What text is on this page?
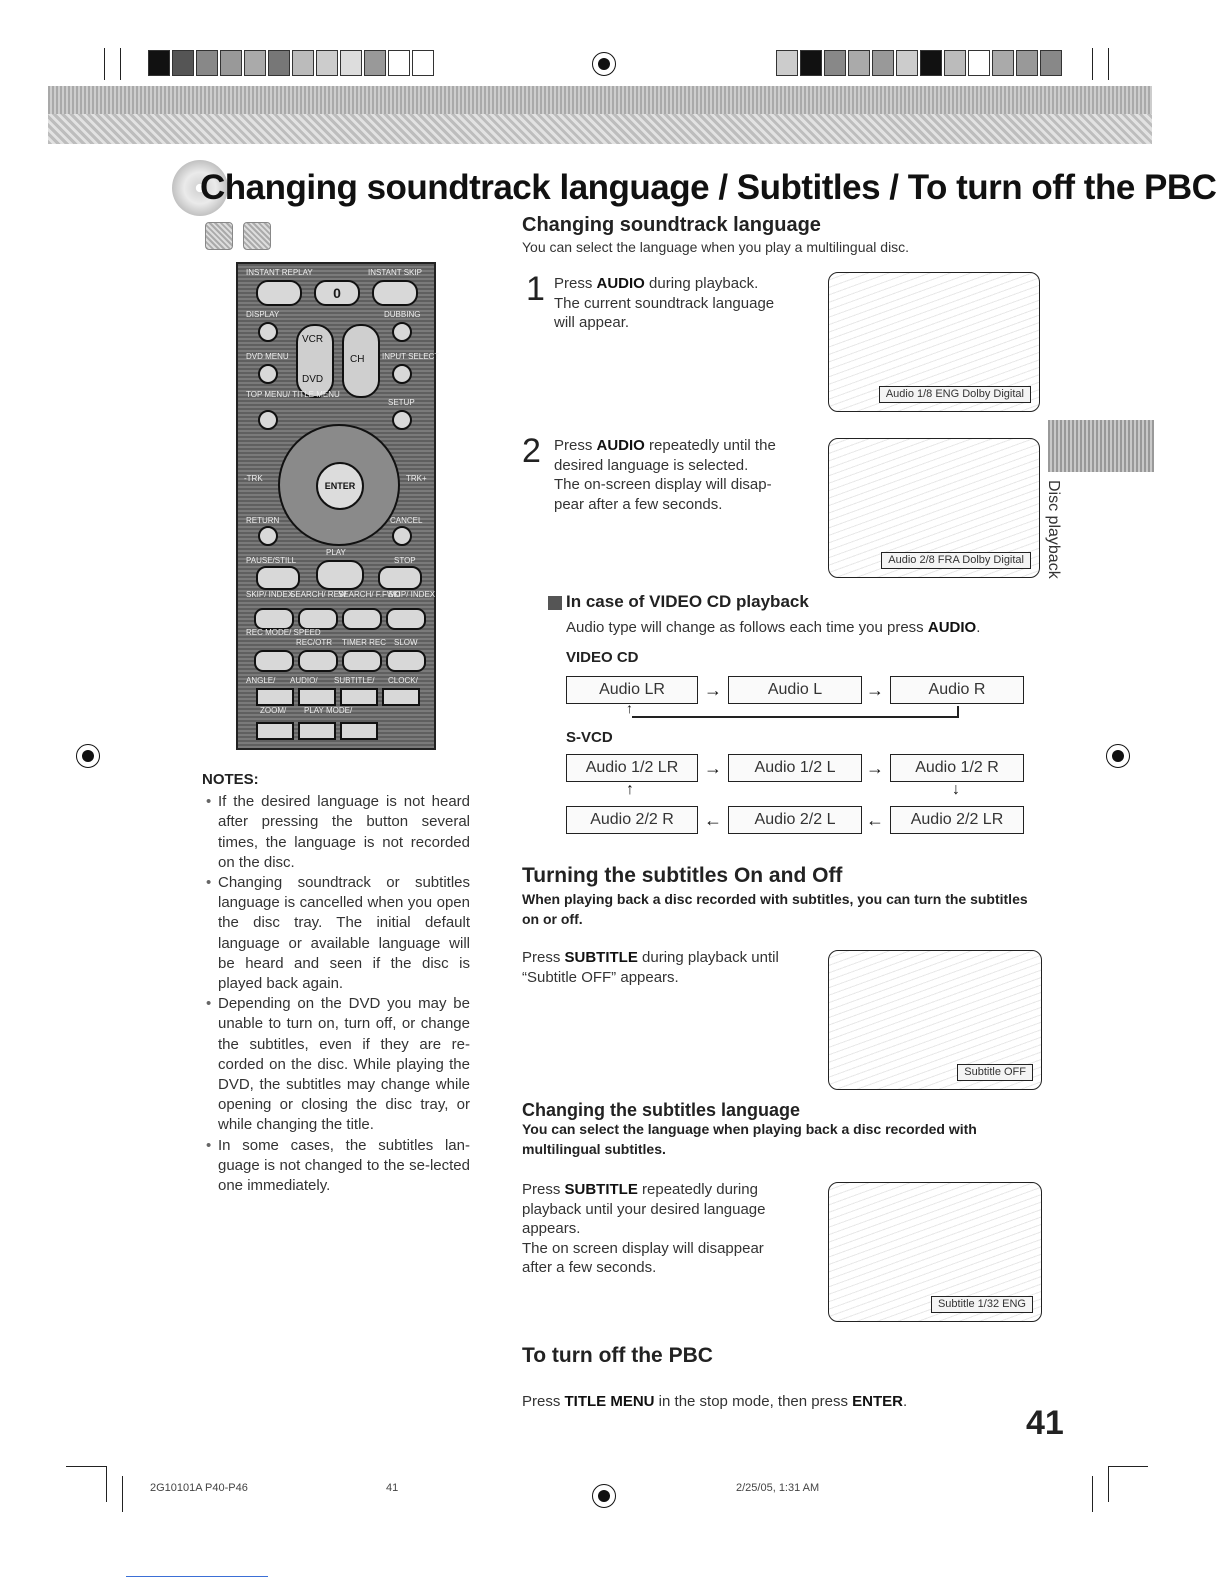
Changing soundtrack language / Subtitles / To turn off the PBC
INSTANT REPLAY	INSTANT SKIP
0
DISPLAY	DUBBING
VCR
DVD
CH
DVD MENU	INPUT SELECT
TOP MENU/ TITLE MENU
SETUP
ENTER
-TRK	TRK+
RETURN	CANCEL
PAUSE/STILL
PLAY
STOP
SKIP/ INDEX
SEARCH/ REW
SEARCH/ F.FWD
SKIP/ INDEX
REC MODE/ SPEED
REC/OTR TIMER REC SLOW
ANGLE/ AUDIO/ SUBTITLE/ CLOCK/
ZOOM/ PLAY MODE/
NOTES:
• If the desired language is not heard after pressing the button several times, the language is not recorded on the disc.
• Changing soundtrack or subtitles language is cancelled when you open the disc tray. The initial default language or available language will be heard and seen if the disc is played back again.
• Depending on the DVD you may be unable to turn on, turn off, or change the subtitles, even if they are re-corded on the disc. While playing the DVD, the subtitles may change while opening or closing the disc tray, or while changing the title.
• In some cases, the subtitles lan-guage is not changed to the se-lected one immediately.
Changing soundtrack language
You can select the language when you play a multilingual disc.
1 Press AUDIO during playback.
The current soundtrack language
will appear.
Audio 1/8 ENG Dolby Digital
2 Press AUDIO repeatedly until the
desired language is selected.
The on-screen display will disap-
pear after a few seconds.
Audio 2/8 FRA Dolby Digital	Disc playback
In case of VIDEO CD playback
Audio type will change as follows each time you press AUDIO.
VIDEO CD
Audio LR	→	Audio L	→	Audio R
↑
S-VCD
Audio 1/2 LR	→	Audio 1/2 L	→	Audio 1/2 R
↑	↓
Audio 2/2 R	←	Audio 2/2 L	←	Audio 2/2 LR
Turning the subtitles On and Off
When playing back a disc recorded with subtitles, you can turn the subtitles on or off.
Press SUBTITLE during playback until
“Subtitle OFF” appears.
Subtitle OFF
Changing the subtitles language
You can select the language when playing back a disc recorded with multilingual subtitles.
Press SUBTITLE repeatedly during
playback until your desired language
appears.
The on screen display will disappear
after a few seconds.
Subtitle 1/32 ENG
To turn off the PBC
Press TITLE MENU in the stop mode, then press ENTER.
41
2G10101A P40-P46	41	2/25/05, 1:31 AM
